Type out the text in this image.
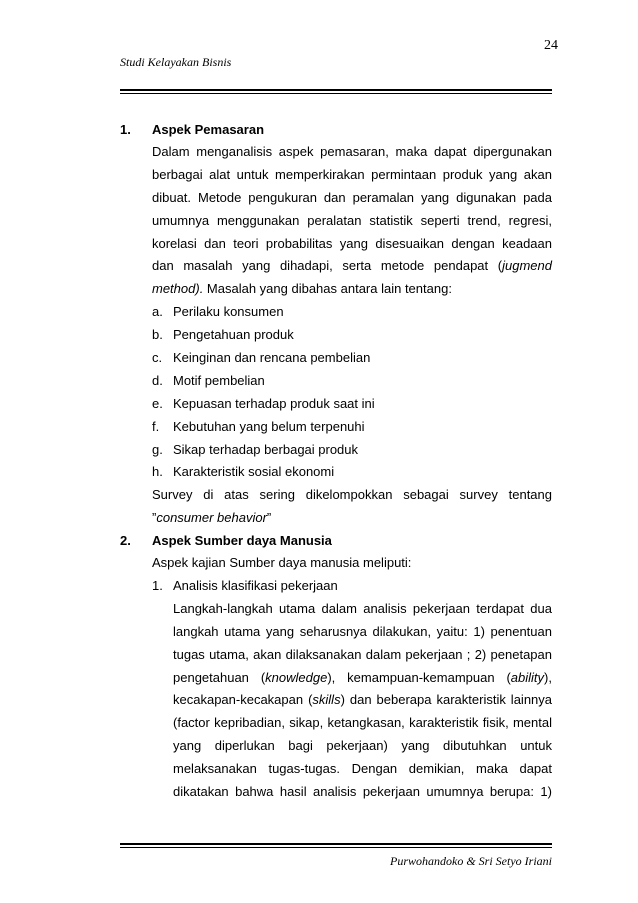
24
Studi Kelayakan Bisnis
1. Aspek Pemasaran
Dalam menganalisis aspek pemasaran, maka dapat dipergunakan
berbagai alat untuk memperkirakan permintaan produk yang akan
dibuat. Metode pengukuran dan peramalan yang digunakan pada
umumnya menggunakan peralatan statistik seperti trend, regresi,
korelasi dan teori probabilitas yang disesuaikan dengan keadaan
dan masalah yang dihadapi, serta metode pendapat (jugmend
method). Masalah yang dibahas antara lain tentang:
a. Perilaku konsumen
b. Pengetahuan produk
c. Keinginan dan rencana pembelian
d. Motif pembelian
e. Kepuasan terhadap produk saat ini
f. Kebutuhan yang belum terpenuhi
g. Sikap terhadap berbagai produk
h. Karakteristik sosial ekonomi
Survey di atas sering dikelompokkan sebagai survey tentang
”consumer behavior”
2. Aspek Sumber daya Manusia
Aspek kajian Sumber daya manusia meliputi:
1. Analisis klasifikasi pekerjaan
Langkah-langkah utama dalam analisis pekerjaan terdapat dua
langkah utama yang seharusnya dilakukan, yaitu: 1) penentuan
tugas utama, akan dilaksanakan dalam pekerjaan ; 2) penetapan
pengetahuan (knowledge), kemampuan-kemampuan (ability),
kecakapan-kecakapan (skills) dan beberapa karakteristik lainnya
(factor kepribadian, sikap, ketangkasan, karakteristik fisik, mental
yang diperlukan bagi pekerjaan) yang dibutuhkan untuk
melaksanakan tugas-tugas. Dengan demikian, maka dapat
dikatakan bahwa hasil analisis pekerjaan umumnya berupa: 1)
Purwohandoko & Sri Setyo Iriani
